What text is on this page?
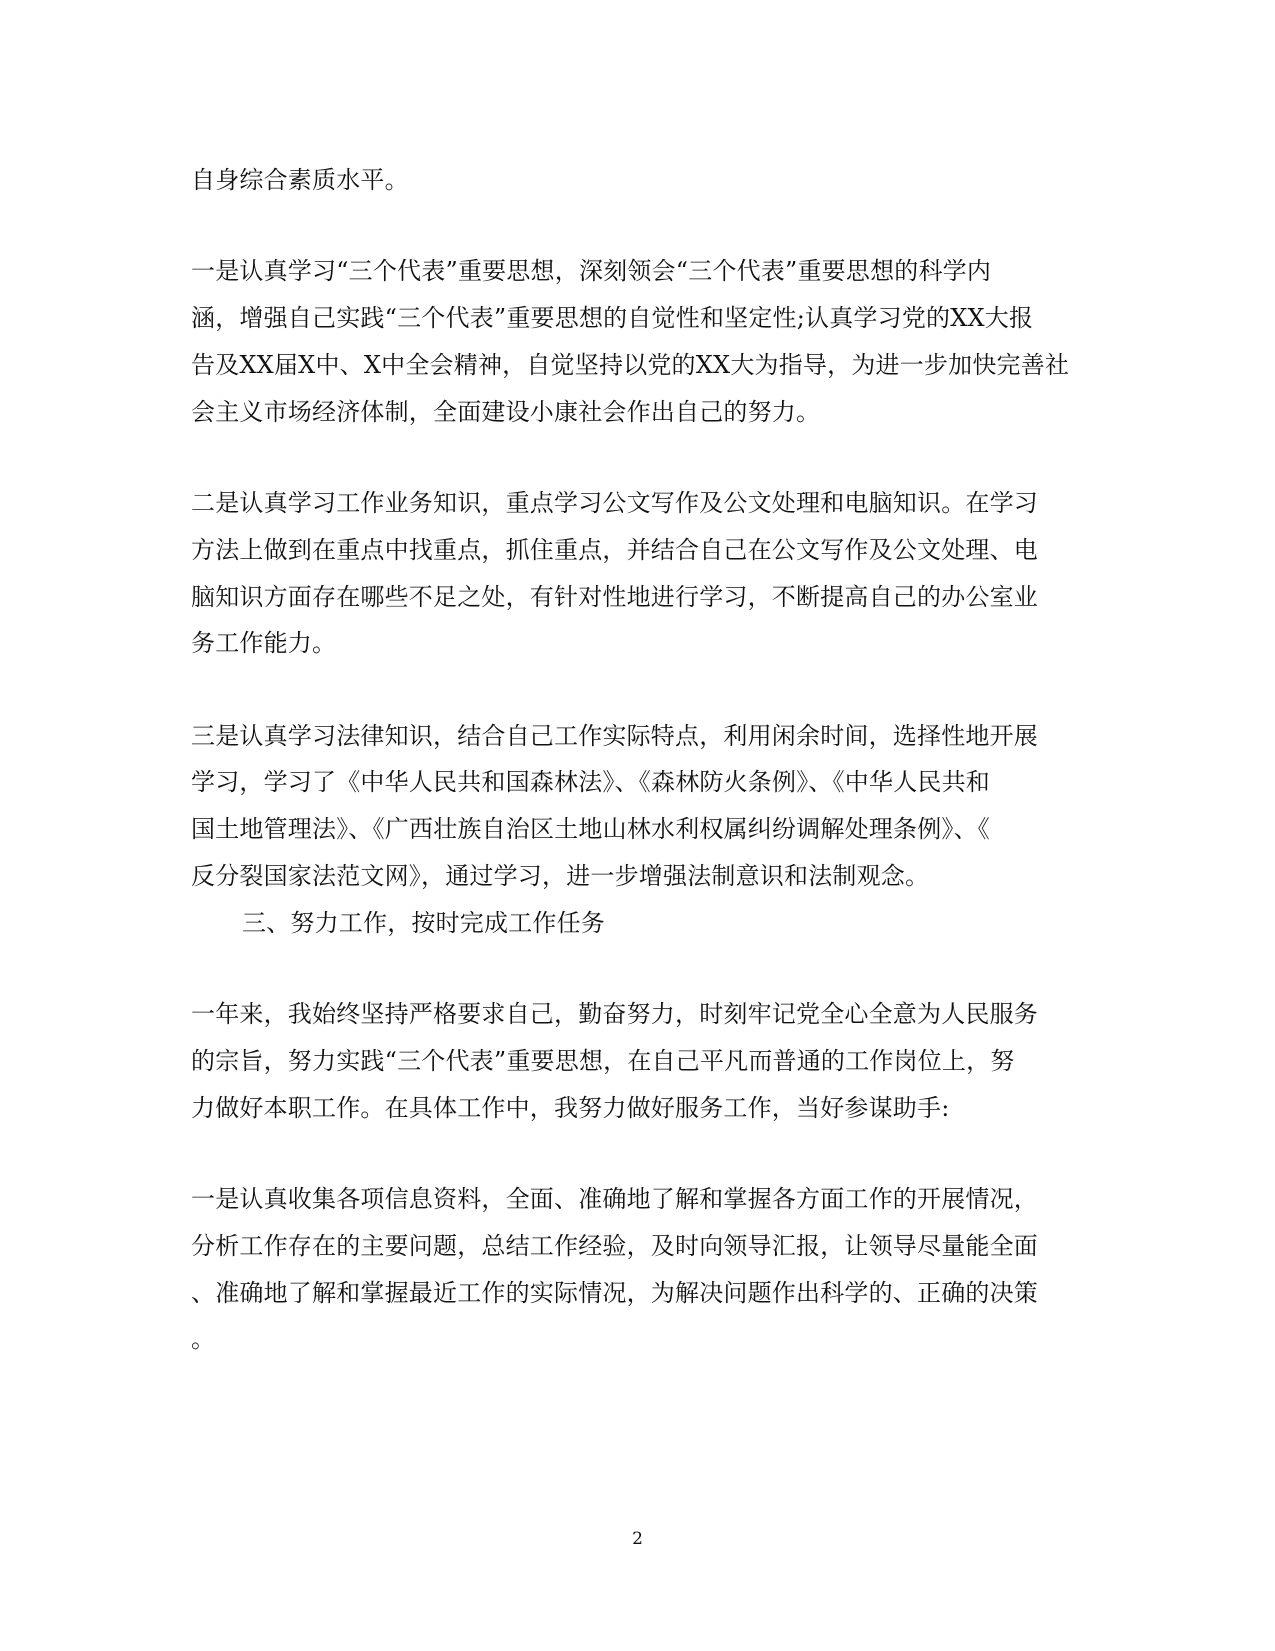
自身综合素质水平。
一是认真学习“三个代表”重要思想，深刻领会“三个代表”重要思想的科学内
涵，增强自己实践“三个代表”重要思想的自觉性和坚定性;认真学习党的XX大报
告及XX届X中、X中全会精神，自觉坚持以党的XX大为指导，为进一步加快完善社
会主义市场经济体制，全面建设小康社会作出自己的努力。
二是认真学习工作业务知识，重点学习公文写作及公文处理和电脑知识。在学习
方法上做到在重点中找重点，抓住重点，并结合自己在公文写作及公文处理、电
脑知识方面存在哪些不足之处，有针对性地进行学习，不断提高自己的办公室业
务工作能力。
三是认真学习法律知识，结合自己工作实际特点，利用闲余时间，选择性地开展
学习，学习了《中华人民共和国森林法》、《森林防火条例》、《中华人民共和
国土地管理法》、《广西壮族自治区土地山林水利权属纠纷调解处理条例》、《
反分裂国家法范文网》，通过学习，进一步增强法制意识和法制观念。
三、努力工作，按时完成工作任务
一年来，我始终坚持严格要求自己，勤奋努力，时刻牢记党全心全意为人民服务
的宗旨，努力实践“三个代表”重要思想，在自己平凡而普通的工作岗位上，努
力做好本职工作。在具体工作中，我努力做好服务工作，当好参谋助手:
一是认真收集各项信息资料，全面、准确地了解和掌握各方面工作的开展情况，
分析工作存在的主要问题，总结工作经验，及时向领导汇报，让领导尽量能全面
、准确地了解和掌握最近工作的实际情况，为解决问题作出科学的、正确的决策
。
2
